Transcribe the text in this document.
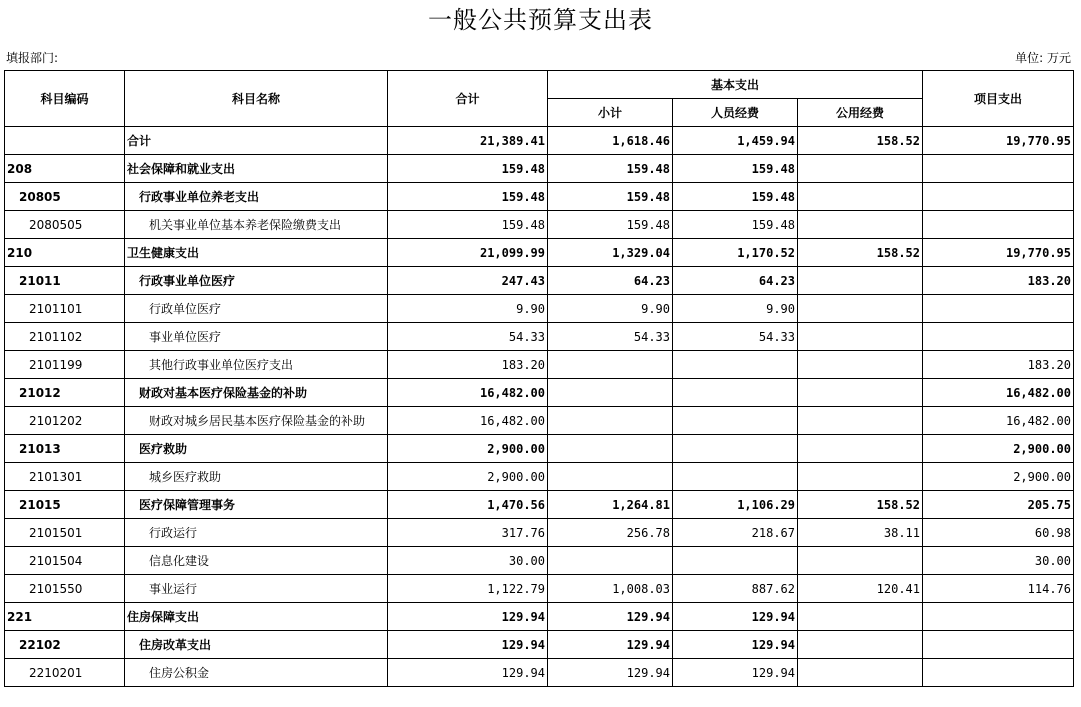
一般公共预算支出表
填报部门:	单位: 万元
科目编码	科目名称	合计	基本支出			项目支出
			小计	人员经费	公用经费	
	合计	21,389.41	1,618.46	1,459.94	158.52	19,770.95
208	社会保障和就业支出	159.48	159.48	159.48		
20805	行政事业单位养老支出	159.48	159.48	159.48		
2080505	机关事业单位基本养老保险缴费支出	159.48	159.48	159.48		
210	卫生健康支出	21,099.99	1,329.04	1,170.52	158.52	19,770.95
21011	行政事业单位医疗	247.43	64.23	64.23		183.20
2101101	行政单位医疗	9.90	9.90	9.90		
2101102	事业单位医疗	54.33	54.33	54.33		
2101199	其他行政事业单位医疗支出	183.20				183.20
21012	财政对基本医疗保险基金的补助	16,482.00				16,482.00
2101202	财政对城乡居民基本医疗保险基金的补助	16,482.00				16,482.00
21013	医疗救助	2,900.00				2,900.00
2101301	城乡医疗救助	2,900.00				2,900.00
21015	医疗保障管理事务	1,470.56	1,264.81	1,106.29	158.52	205.75
2101501	行政运行	317.76	256.78	218.67	38.11	60.98
2101504	信息化建设	30.00				30.00
2101550	事业运行	1,122.79	1,008.03	887.62	120.41	114.76
221	住房保障支出	129.94	129.94	129.94		
22102	住房改革支出	129.94	129.94	129.94		
2210201	住房公积金	129.94	129.94	129.94		
